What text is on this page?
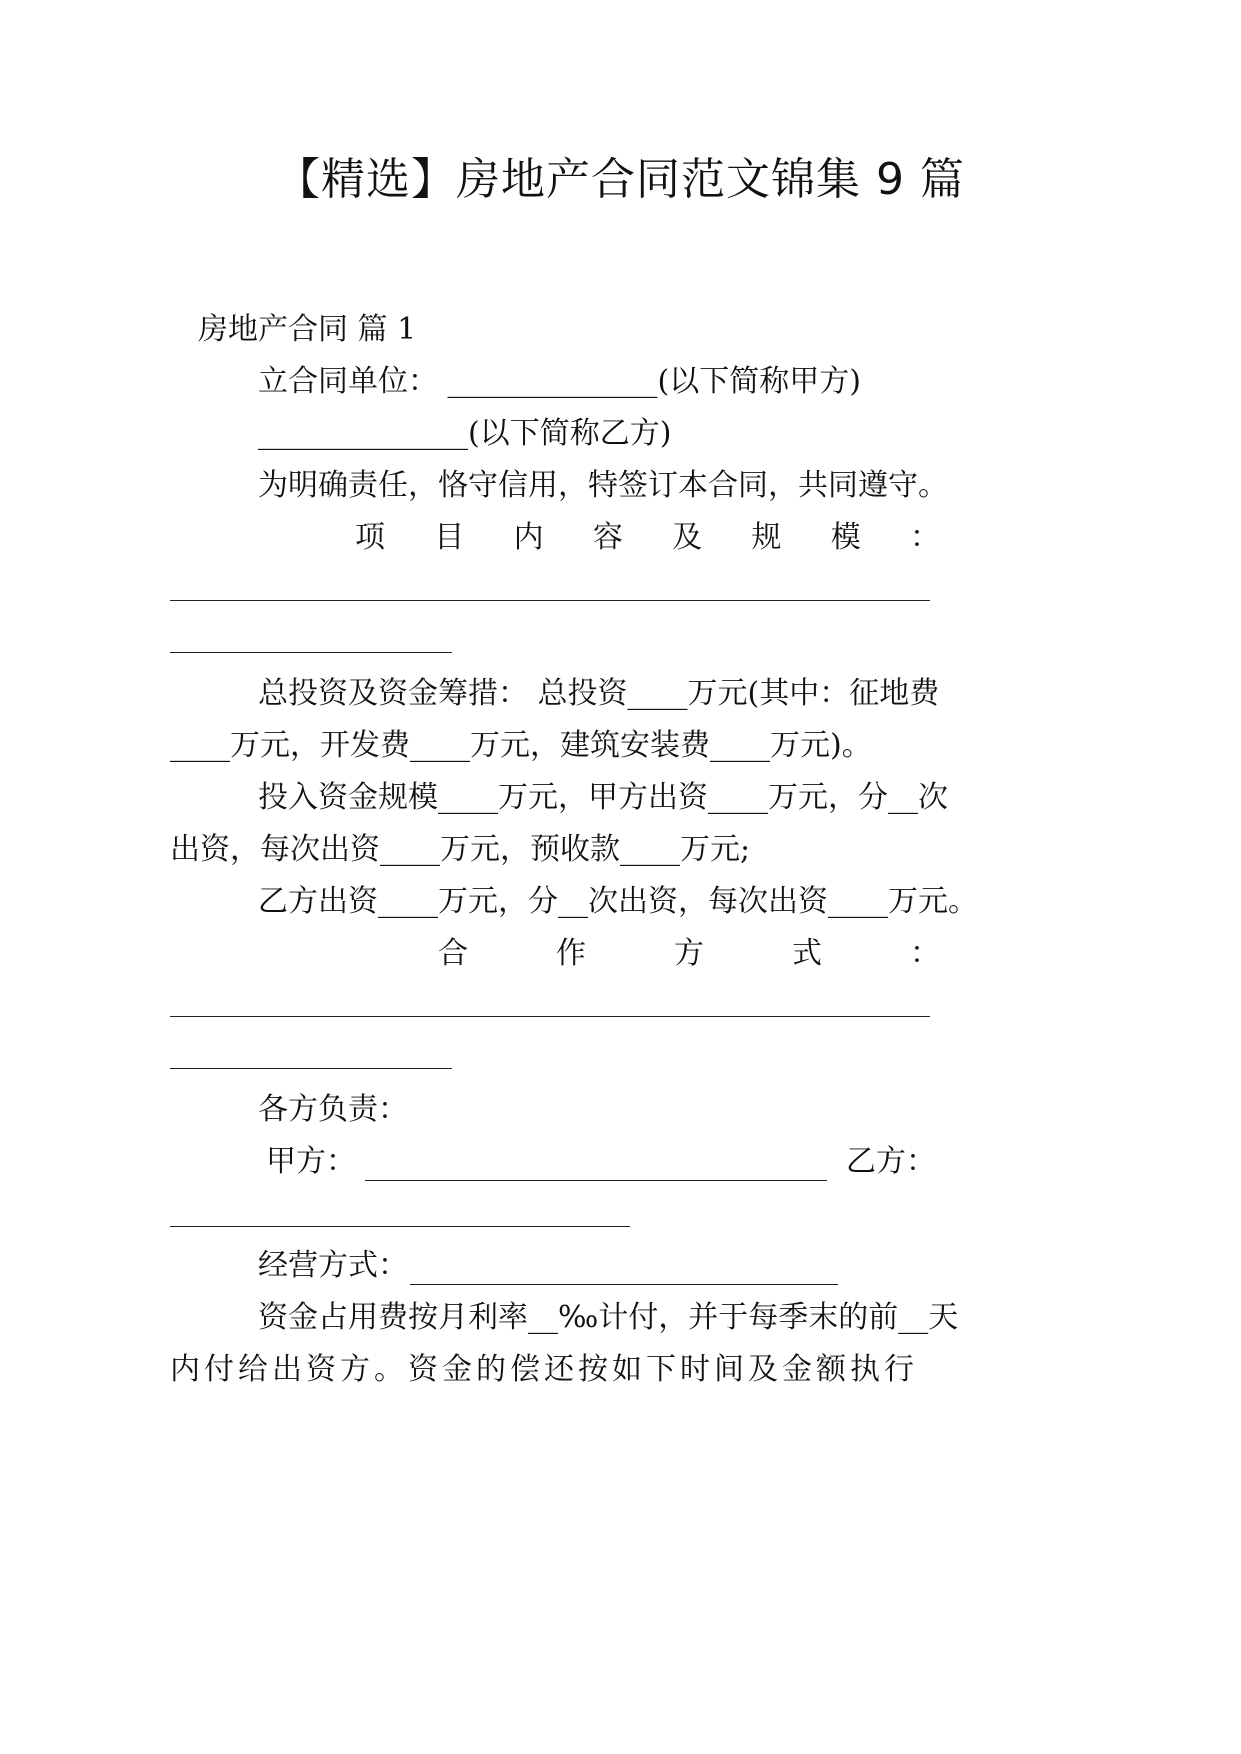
【精选】房地产合同范文锦集 9 篇
房地产合同 篇 1
立合同单位： ______________(以下简称甲方)
______________(以下简称乙方)
为明确责任，恪守信用，特签订本合同，共同遵守。
项 目 内 容 及 规 模 ：
总投资及资金筹措： 总投资____万元(其中：征地费
____万元，开发费____万元，建筑安装费____万元)。
投入资金规模____万元，甲方出资____万元，分__次
出资，每次出资____万元，预收款____万元;
乙方出资____万元，分__次出资，每次出资____万元。
合	作	方	式	：
各方负责：
甲方：	乙方：
经营方式：
资金占用费按月利率__‰计付，并于每季末的前__天
内付给出资方。资金的偿还按如下时间及金额执行
